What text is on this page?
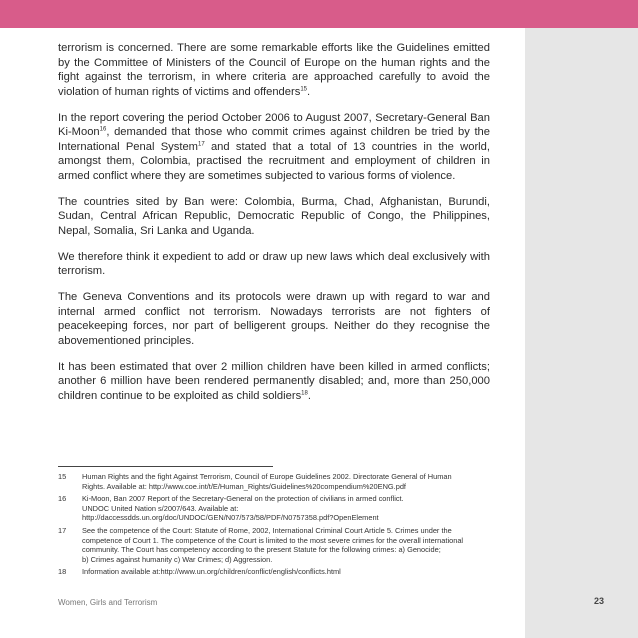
terrorism is concerned. There are some remarkable efforts like the Guidelines emitted by the Committee of Ministers of the Council of Europe on the human rights and the fight against the terrorism, in where criteria are approached carefully to avoid the violation of human rights of victims and offenders$^{15}$.

In the report covering the period October 2006 to August 2007, Secretary-General Ban Ki-Moon$^{16}$, demanded that those who commit crimes against children be tried by the International Penal System$^{17}$ and stated that a total of 13 countries in the world, amongst them, Colombia, practised the recruitment and employment of children in armed conflict where they are sometimes subjected to various forms of violence.

The countries sited by Ban were: Colombia, Burma, Chad, Afghanistan, Burundi, Sudan, Central African Republic, Democratic Republic of Congo, the Philippines, Nepal, Somalia, Sri Lanka and Uganda.

We therefore think it expedient to add or draw up new laws which deal exclusively with terrorism.

The Geneva Conventions and its protocols were drawn up with regard to war and internal armed conflict not terrorism. Nowadays terrorists are not fighters of peacekeeping forces, nor part of belligerent groups. Neither do they recognise the abovementioned principles.

It has been estimated that over 2 million children have been killed in armed conflicts; another 6 million have been rendered permanently disabled; and, more than 250,000 children continue to be exploited as child soldiers$^{18}$.

15	Human Rights and the fight Against Terrorism, Council of Europe Guidelines 2002. Directorate General of Human
Rights. Available at: http://www.coe.int/t/E/Human_Rights/Guidelines%20compendium%20ENG.pdf
16	Ki-Moon, Ban 2007 Report of the Secretary-General on the protection of civilians in armed conflict.
UNDOC United Nation s/2007/643. Available at:
http://daccessdds.un.org/doc/UNDOC/GEN/N07/573/58/PDF/N0757358.pdf?OpenElement
17	See the competence of the Court: Statute of Rome, 2002, International Criminal Court Article 5. Crimes under the
competence of Court 1. The competence of the Court is limited to the most severe crimes for the overall international
community. The Court has competency according to the present Statute for the following crimes: a) Genocide;
b) Crimes against humanity c) War Crimes; d) Aggression.
18	Information available at:http://www.un.org/children/conflict/english/conflicts.html
Women, Girls and Terrorism	23
